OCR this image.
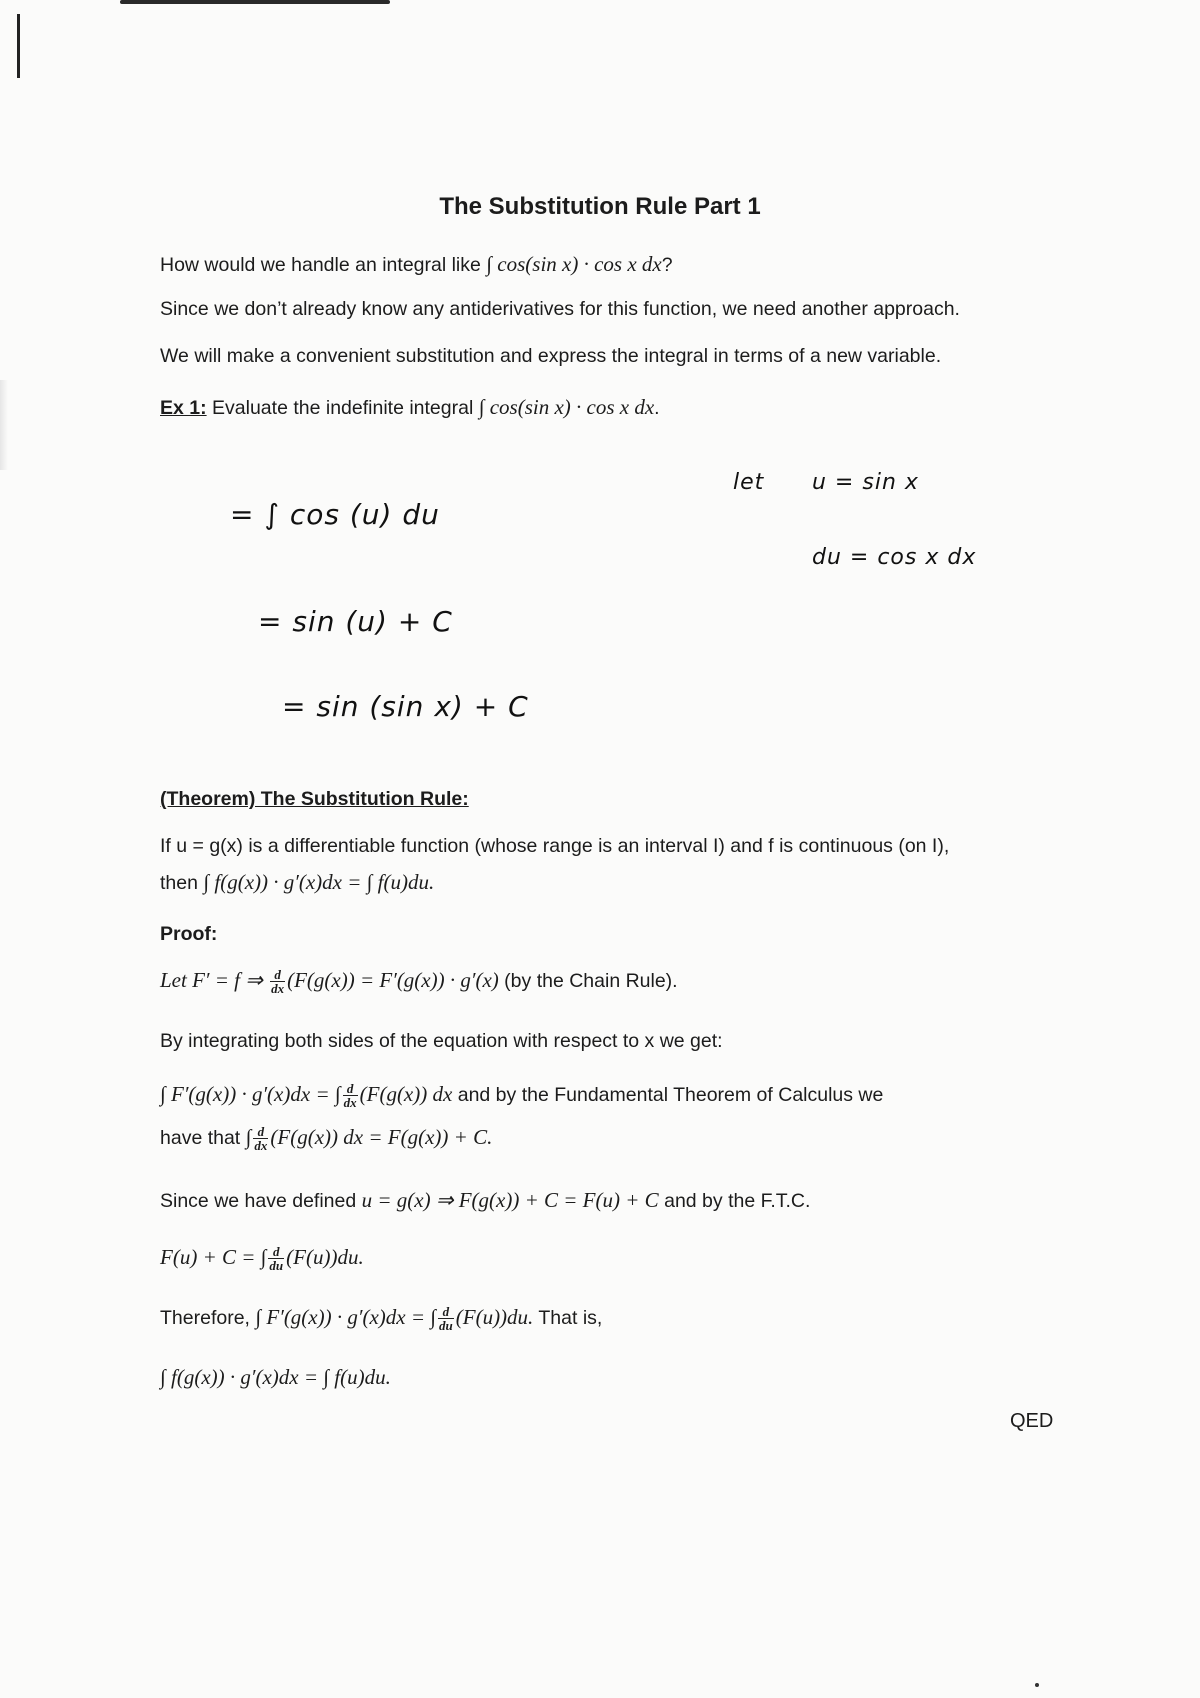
The Substitution Rule Part 1
How would we handle an integral like ∫ cos(sin x) · cos x dx?
Since we don’t already know any antiderivatives for this function, we need another approach.
We will make a convenient substitution and express the integral in terms of a new variable.
Ex 1: Evaluate the indefinite integral ∫ cos(sin x) · cos x dx.
= ∫ cos (u) du
= sin (u) + C
= sin (sin x) + C
let u = sin x
du = cos x dx
(Theorem) The Substitution Rule:
If u = g(x) is a differentiable function (whose range is an interval I) and f is continuous (on I),
then ∫ f(g(x)) · g′(x)dx = ∫ f(u)du.
Proof:
Let F′ = f ⇒ $\frac{d}{dx} (F(g(x)) = F'(g(x)) \cdot g'(x)$ (by the Chain Rule).
By integrating both sides of the equation with respect to x we get:
∫ F′(g(x)) · g′(x)dx = ∫ $\frac{d}{dx} (F(g(x))$ dx and by the Fundamental Theorem of Calculus we
have that ∫ $\frac{d}{dx} (F(g(x))$ dx = F(g(x)) + C.
Since we have defined u = g(x) ⇒ F(g(x)) + C = F(u) + C and by the F.T.C.
F(u) + C = ∫ $\frac{d}{du} (F(u))du$.
Therefore, ∫ F′(g(x)) · g′(x)dx = ∫ $\frac{d}{du} (F(u))du$. That is,
∫ f(g(x)) · g′(x)dx = ∫ f(u)du.
QED
